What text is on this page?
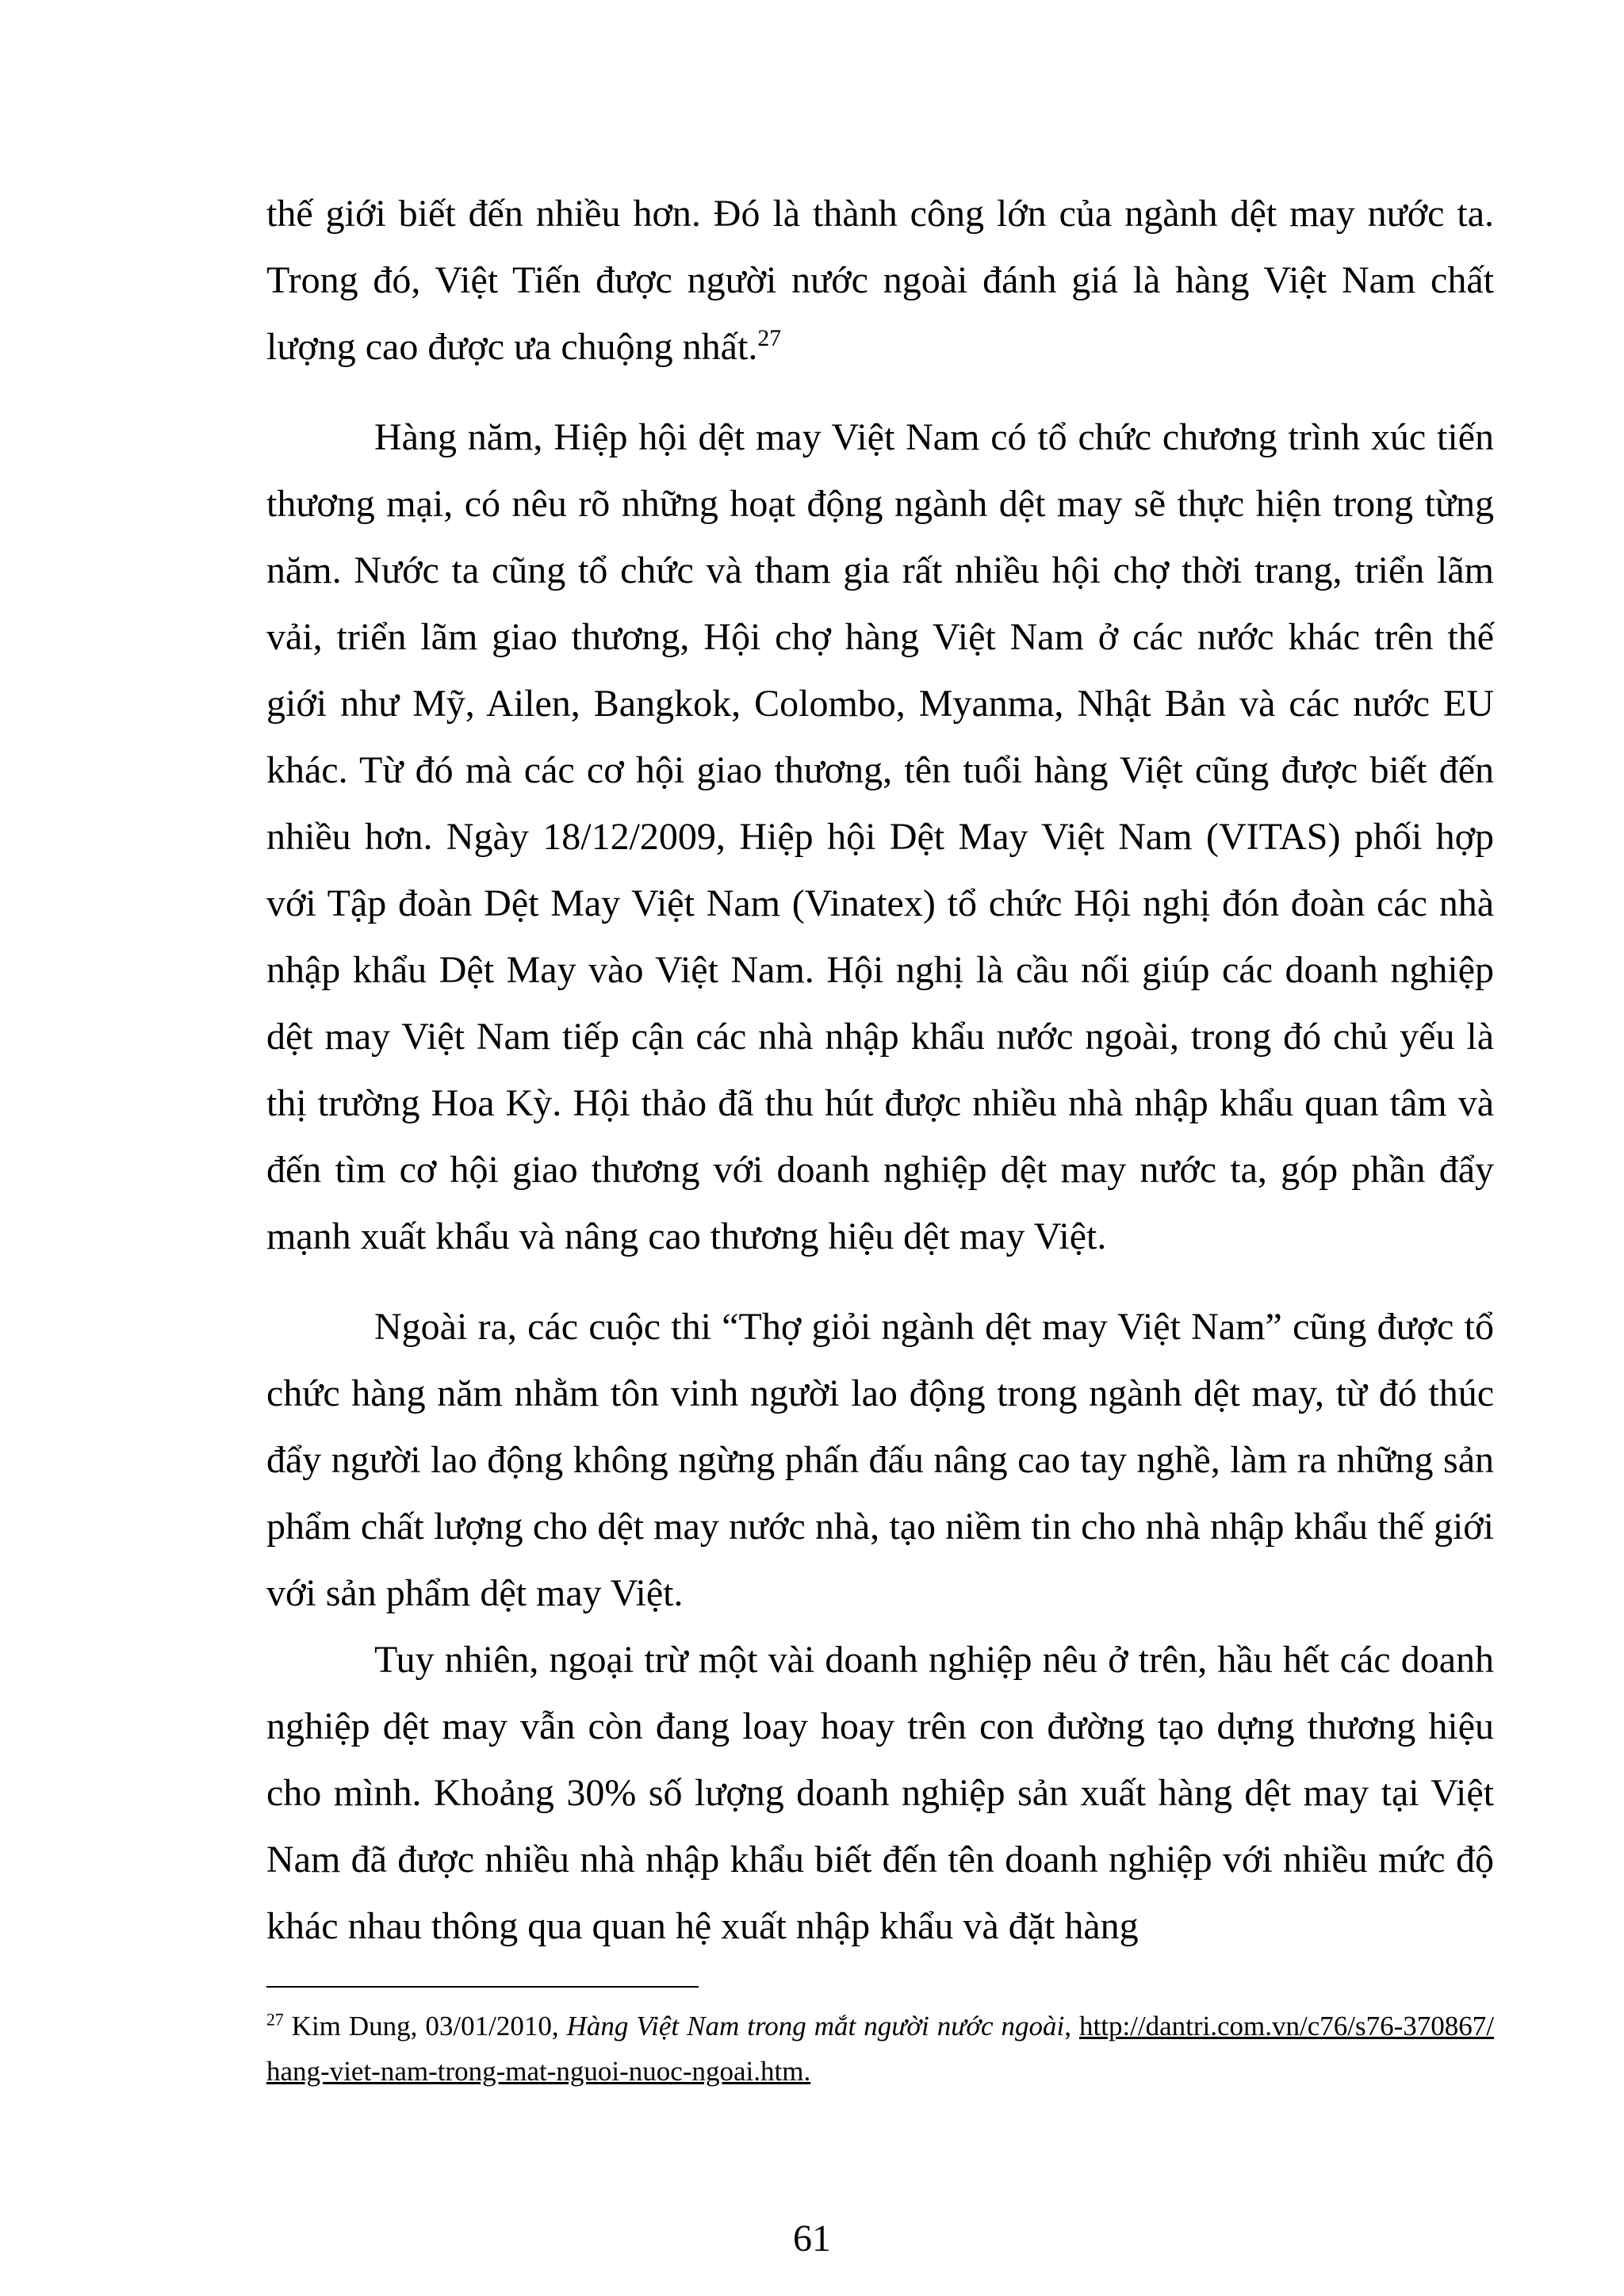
thế giới biết đến nhiều hơn. Đó là thành công lớn của ngành dệt may nước ta. Trong đó, Việt Tiến được người nước ngoài đánh giá là hàng Việt Nam chất lượng cao được ưa chuộng nhất.$^{27}$

Hàng năm, Hiệp hội dệt may Việt Nam có tổ chức chương trình xúc tiến thương mại, có nêu rõ những hoạt động ngành dệt may sẽ thực hiện trong từng năm. Nước ta cũng tổ chức và tham gia rất nhiều hội chợ thời trang, triển lãm vải, triển lãm giao thương, Hội chợ hàng Việt Nam ở các nước khác trên thế giới như Mỹ, Ailen, Bangkok, Colombo, Myanma, Nhật Bản và các nước EU khác. Từ đó mà các cơ hội giao thương, tên tuổi hàng Việt cũng được biết đến nhiều hơn. Ngày 18/12/2009, Hiệp hội Dệt May Việt Nam (VITAS) phối hợp với Tập đoàn Dệt May Việt Nam (Vinatex) tổ chức Hội nghị đón đoàn các nhà nhập khẩu Dệt May vào Việt Nam. Hội nghị là cầu nối giúp các doanh nghiệp dệt may Việt Nam tiếp cận các nhà nhập khẩu nước ngoài, trong đó chủ yếu là thị trường Hoa Kỳ. Hội thảo đã thu hút được nhiều nhà nhập khẩu quan tâm và đến tìm cơ hội giao thương với doanh nghiệp dệt may nước ta, góp phần đẩy mạnh xuất khẩu và nâng cao thương hiệu dệt may Việt.

Ngoài ra, các cuộc thi “Thợ giỏi ngành dệt may Việt Nam” cũng được tổ chức hàng năm nhằm tôn vinh người lao động trong ngành dệt may, từ đó thúc đẩy người lao động không ngừng phấn đấu nâng cao tay nghề, làm ra những sản phẩm chất lượng cho dệt may nước nhà, tạo niềm tin cho nhà nhập khẩu thế giới với sản phẩm dệt may Việt.

Tuy nhiên, ngoại trừ một vài doanh nghiệp nêu ở trên, hầu hết các doanh nghiệp dệt may vẫn còn đang loay hoay trên con đường tạo dựng thương hiệu cho mình. Khoảng 30% số lượng doanh nghiệp sản xuất hàng dệt may tại Việt Nam đã được nhiều nhà nhập khẩu biết đến tên doanh nghiệp với nhiều mức độ khác nhau thông qua quan hệ xuất nhập khẩu và đặt hàng

$^{27}$ Kim Dung, 03/01/2010, Hàng Việt Nam trong mắt người nước ngoài, http://dantri.com.vn/c76/s76-370867/hang-viet-nam-trong-mat-nguoi-nuoc-ngoai.htm.

61
